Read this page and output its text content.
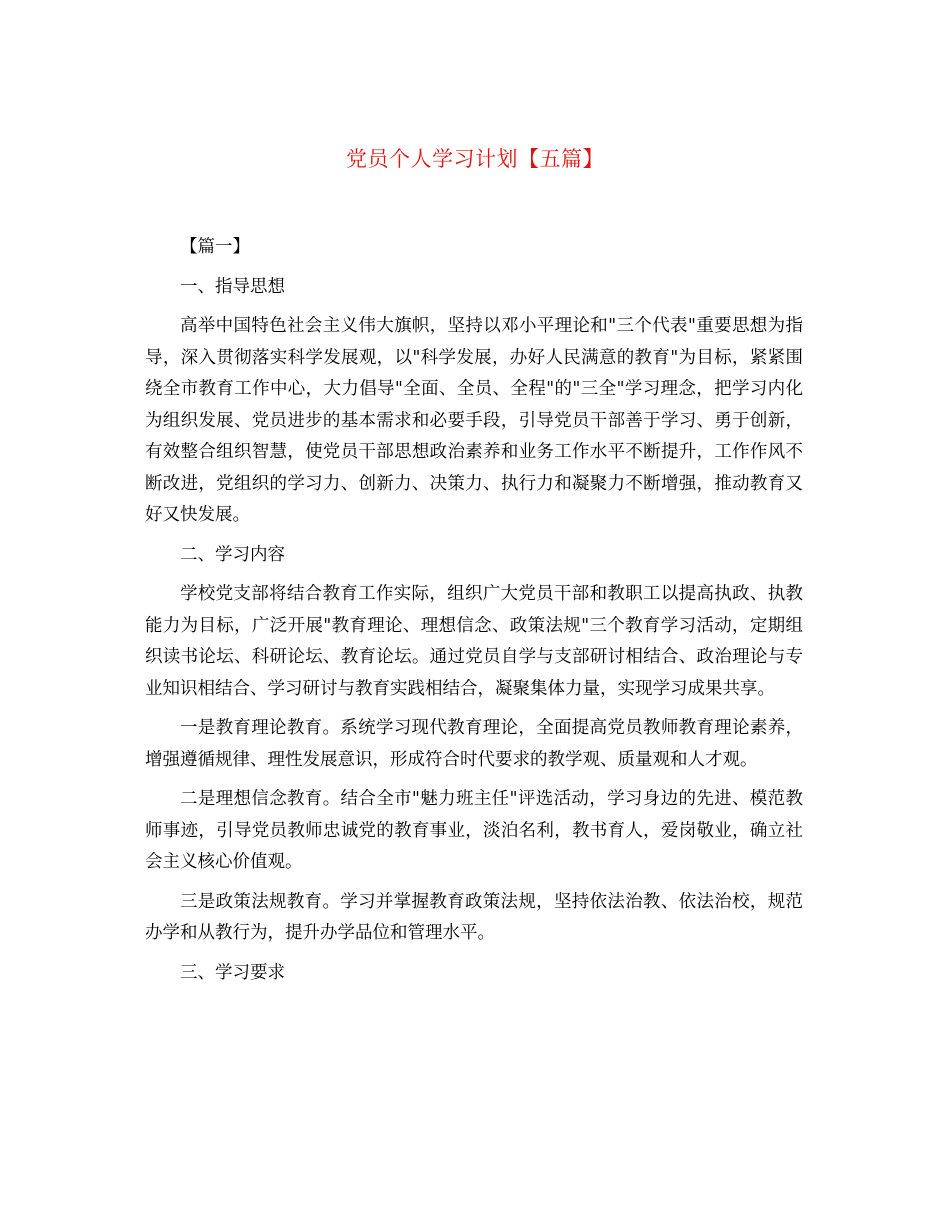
党员个人学习计划【五篇】

【篇一】

一、指导思想

高举中国特色社会主义伟大旗帜，坚持以邓小平理论和"三个代表"重要思想为指导，深入贯彻落实科学发展观，以"科学发展，办好人民满意的教育"为目标，紧紧围绕全市教育工作中心，大力倡导"全面、全员、全程"的"三全"学习理念，把学习内化为组织发展、党员进步的基本需求和必要手段，引导党员干部善于学习、勇于创新，有效整合组织智慧，使党员干部思想政治素养和业务工作水平不断提升，工作作风不断改进，党组织的学习力、创新力、决策力、执行力和凝聚力不断增强，推动教育又好又快发展。

二、学习内容

学校党支部将结合教育工作实际，组织广大党员干部和教职工以提高执政、执教能力为目标，广泛开展"教育理论、理想信念、政策法规"三个教育学习活动，定期组织读书论坛、科研论坛、教育论坛。通过党员自学与支部研讨相结合、政治理论与专业知识相结合、学习研讨与教育实践相结合，凝聚集体力量，实现学习成果共享。

一是教育理论教育。系统学习现代教育理论，全面提高党员教师教育理论素养，增强遵循规律、理性发展意识，形成符合时代要求的教学观、质量观和人才观。

二是理想信念教育。结合全市"魅力班主任"评选活动，学习身边的先进、模范教师事迹，引导党员教师忠诚党的教育事业，淡泊名利，教书育人，爱岗敬业，确立社会主义核心价值观。

三是政策法规教育。学习并掌握教育政策法规，坚持依法治教、依法治校，规范办学和从教行为，提升办学品位和管理水平。

三、学习要求
